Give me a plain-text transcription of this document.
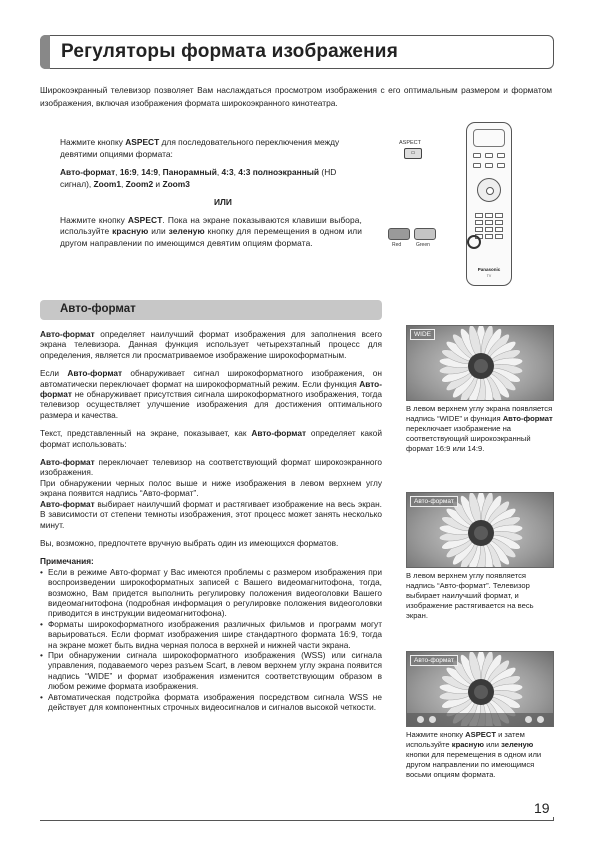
Регуляторы формата изображения
Широкоэкранный телевизор позволяет Вам наслаждаться просмотром изображения с его оптимальным размером и форматом изображения, включая изображения формата широкоэкранного кинотеатра.

Нажмите кнопку ASPECT для последовательного переключения между девятими опциями формата:

Авто-формат, 16:9, 14:9, Панорамный, 4:3, 4:3 полноэкранный (HD сигнал), Zoom1, Zoom2 и Zoom3

ИЛИ

Нажмите кнопку ASPECT. Пока на экране показываются клавиши выбора, используйте красную или зеленую кнопку для перемещения в одном или другом направлении по имеющимся девятим опциям формата.

ASPECT
▭
Red	Green
Panasonic
TV
Авто-формат

Авто-формат определяет наилучший формат изображения для заполнения всего экрана телевизора. Данная функция использует четырехэтапный процесс для определения, является ли просматриваемое изображение широкоформатным.

Если Авто-формат обнаруживает сигнал широкоформатного изображения, он автоматически переключает формат на широкоформатный режим. Если функция Авто-формат не обнаруживает присутствия сигнала широкоформатного изображения, тогда телевизор осуществляет улучшение изображения для достижения оптимального размера и качества.

Текст, представленный на экране, показывает, как Авто-формат определяет какой формат использовать:

Авто-формат переключает телевизор на соответствующий формат широкоэкранного изображения.

При обнаружении черных полос выше и ниже изображения в левом верхнем углу экрана появится надпись “Авто-формат”.

Авто-формат выбирает наилучший формат и растягивает изображение на весь экран. В зависимости от степени темноты изображения, этот процесс может занять несколько минут.

Вы, возможно, предпочтете вручную выбрать один из имеющихся форматов.

Примечания:
• Если в режиме Авто-формат у Вас имеются проблемы с размером изображения при воспроизведении широкоформатных записей с Вашего видеомагнитофона, тогда, возможно, Вам придется выполнить регулировку положения видеоголовки Вашего видеомагнитофона (подробная информация о регулировке положения видеоголовки приводится в инструкции видеомагнитофона).
• Форматы широкоформатного изображения различных фильмов и программ могут варьироваться. Если формат изображения шире стандартного формата 16:9, тогда на экране может быть видна черная полоса в верхней и нижней части экрана.
• При обнаружении сигнала широкоформатного изображения (WSS) или сигнала управления, подаваемого через разъем Scart, в левом верхнем углу экрана появится надпись “WIDE” и формат изображения изменится соответствующим образом в любом режиме формата изображения.
• Автоматическая подстройка формата изображения посредством сигнала WSS не действует для компонентных строчных видеосигналов и сигналов высокой четкости.
WIDE
Авто-формат
Авто-формат
В левом верхнем углу экрана появляется надпись “WIDE” и функция Авто-формат переключает изображение на соответствующий широкоэкранный формат 16:9 или 14:9.
В левом верхнем углу появляется надпись “Авто-формат”. Телевизор выбирает наилучший формат, и изображение растягивается на весь экран.
Нажмите кнопку ASPECT и затем используйте красную или зеленую кнопки для перемещения в одном или другом направлении по имеющимся восьми опциям формата.
19
